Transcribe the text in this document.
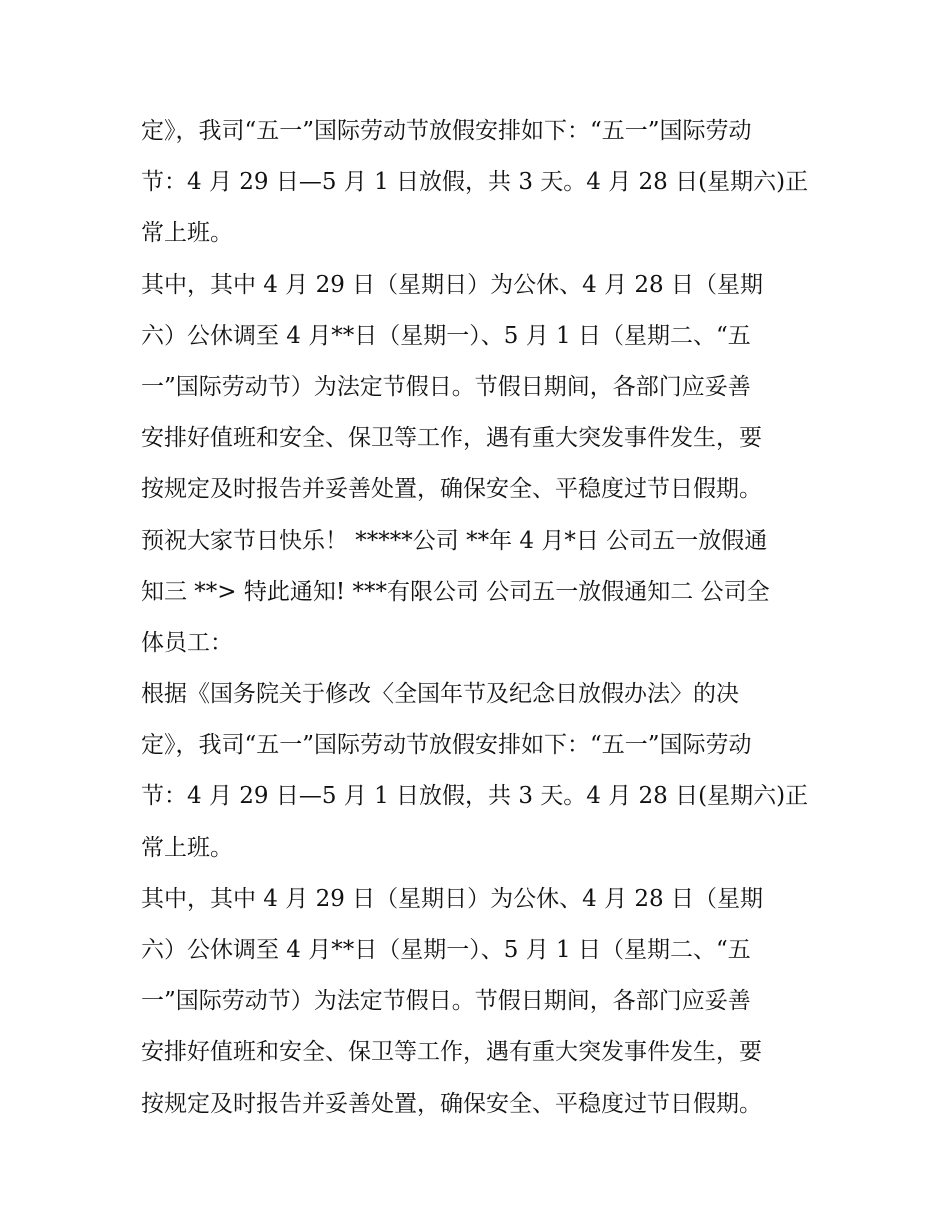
定》，我司“五一”国际劳动节放假安排如下：“五一”国际劳动
节：4 月 29 日—5 月 1 日放假，共 3 天。4 月 28 日(星期六)正
常上班。
其中，其中 4 月 29 日（星期日）为公休、4 月 28 日（星期
六）公休调至 4 月**日（星期一）、5 月 1 日（星期二、“五
一”国际劳动节）为法定节假日。节假日期间，各部门应妥善
安排好值班和安全、保卫等工作，遇有重大突发事件发生，要
按规定及时报告并妥善处置，确保安全、平稳度过节日假期。
预祝大家节日快乐！ *****公司 **年 4 月*日 公司五一放假通
知三 **> 特此通知! ***有限公司 公司五一放假通知二 公司全
体员工：
根据《国务院关于修改〈全国年节及纪念日放假办法〉的决
定》，我司“五一”国际劳动节放假安排如下：“五一”国际劳动
节：4 月 29 日—5 月 1 日放假，共 3 天。4 月 28 日(星期六)正
常上班。
其中，其中 4 月 29 日（星期日）为公休、4 月 28 日（星期
六）公休调至 4 月**日（星期一）、5 月 1 日（星期二、“五
一”国际劳动节）为法定节假日。节假日期间，各部门应妥善
安排好值班和安全、保卫等工作，遇有重大突发事件发生，要
按规定及时报告并妥善处置，确保安全、平稳度过节日假期。
